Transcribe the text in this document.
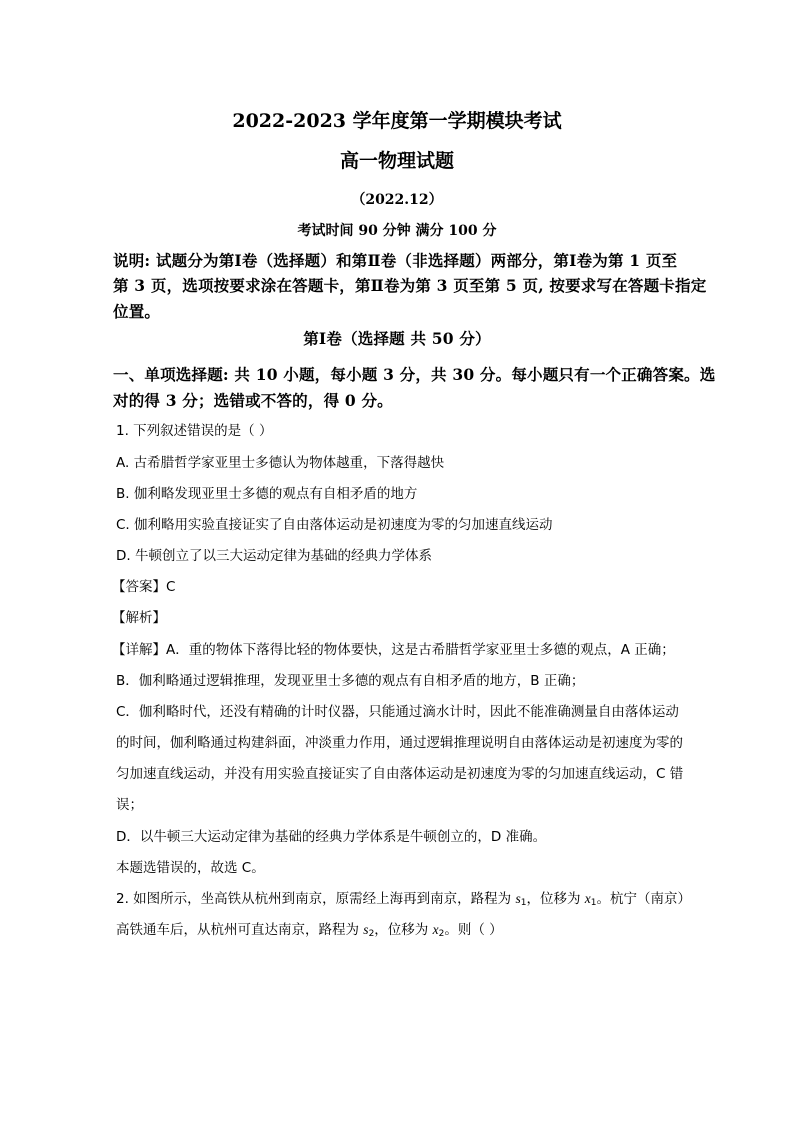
2022-2023 学年度第一学期模块考试
高一物理试题
（2022.12）
考试时间 90 分钟 满分 100 分
说明: 试题分为第Ⅰ卷（选择题）和第Ⅱ卷（非选择题）两部分，第Ⅰ卷为第 1 页至
第 3 页，选项按要求涂在答题卡，第Ⅱ卷为第 3 页至第 5 页, 按要求写在答题卡指定
位置。
第Ⅰ卷（选择题 共 50 分）
一、单项选择题: 共 10 小题，每小题 3 分，共 30 分。每小题只有一个正确答案。选
对的得 3 分；选错或不答的，得 0 分。
1. 下列叙述错误的是（ ）
A. 古希腊哲学家亚里士多德认为物体越重，下落得越快
B. 伽利略发现亚里士多德的观点有自相矛盾的地方
C. 伽利略用实验直接证实了自由落体运动是初速度为零的匀加速直线运动
D. 牛顿创立了以三大运动定律为基础的经典力学体系
【答案】C
【解析】
【详解】A．重的物体下落得比轻的物体要快，这是古希腊哲学家亚里士多德的观点，A 正确；
B．伽利略通过逻辑推理，发现亚里士多德的观点有自相矛盾的地方，B 正确；
C．伽利略时代，还没有精确的计时仪器，只能通过滴水计时，因此不能准确测量自由落体运动
的时间，伽利略通过构建斜面，冲淡重力作用，通过逻辑推理说明自由落体运动是初速度为零的
匀加速直线运动，并没有用实验直接证实了自由落体运动是初速度为零的匀加速直线运动，C 错
误；
D．以牛顿三大运动定律为基础的经典力学体系是牛顿创立的，D 准确。
本题选错误的，故选 C。
2. 如图所示，坐高铁从杭州到南京，原需经上海再到南京，路程为 $s_1$，位移为 $x_1$。杭宁（南京）
高铁通车后，从杭州可直达南京，路程为 $s_2$，位移为 $x_2$。则（ ）
